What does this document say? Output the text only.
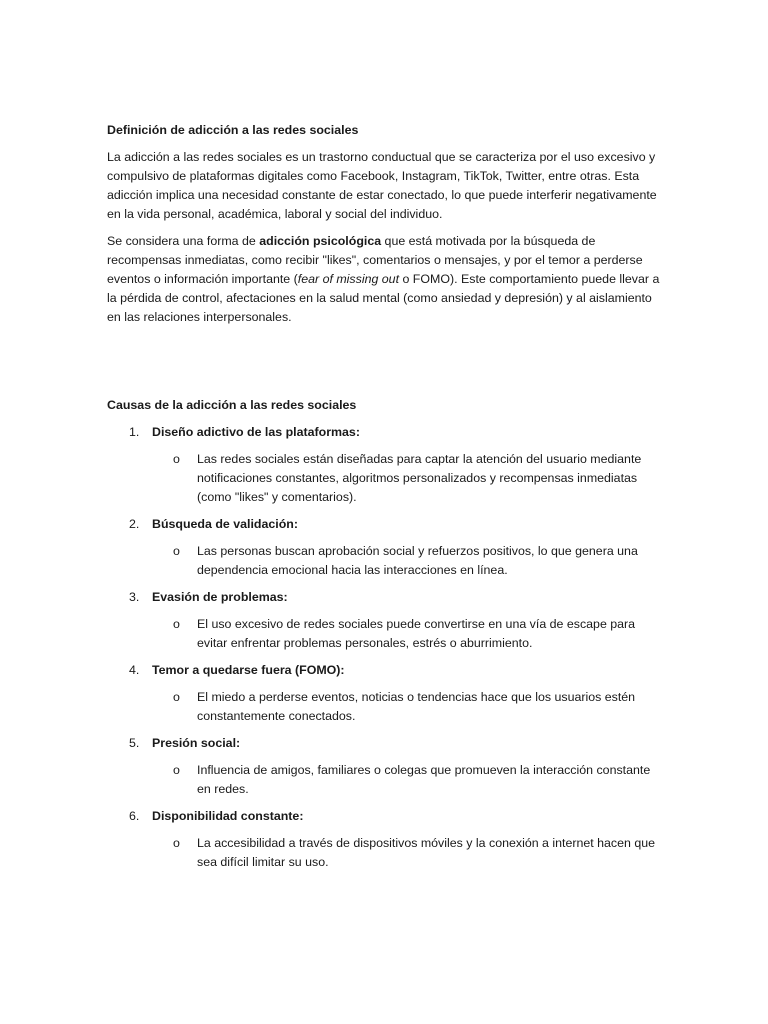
Definición de adicción a las redes sociales

La adicción a las redes sociales es un trastorno conductual que se caracteriza por el uso excesivo y compulsivo de plataformas digitales como Facebook, Instagram, TikTok, Twitter, entre otras. Esta adicción implica una necesidad constante de estar conectado, lo que puede interferir negativamente en la vida personal, académica, laboral y social del individuo.

Se considera una forma de adicción psicológica que está motivada por la búsqueda de recompensas inmediatas, como recibir "likes", comentarios o mensajes, y por el temor a perderse eventos o información importante (fear of missing out o FOMO). Este comportamiento puede llevar a la pérdida de control, afectaciones en la salud mental (como ansiedad y depresión) y al aislamiento en las relaciones interpersonales.

Causas de la adicción a las redes sociales
1. Diseño adictivo de las plataformas:
o Las redes sociales están diseñadas para captar la atención del usuario mediante notificaciones constantes, algoritmos personalizados y recompensas inmediatas (como "likes" y comentarios).
2. Búsqueda de validación:
o Las personas buscan aprobación social y refuerzos positivos, lo que genera una dependencia emocional hacia las interacciones en línea.
3. Evasión de problemas:
o El uso excesivo de redes sociales puede convertirse en una vía de escape para evitar enfrentar problemas personales, estrés o aburrimiento.
4. Temor a quedarse fuera (FOMO):
o El miedo a perderse eventos, noticias o tendencias hace que los usuarios estén constantemente conectados.
5. Presión social:
o Influencia de amigos, familiares o colegas que promueven la interacción constante en redes.
6. Disponibilidad constante:
o La accesibilidad a través de dispositivos móviles y la conexión a internet hacen que sea difícil limitar su uso.
